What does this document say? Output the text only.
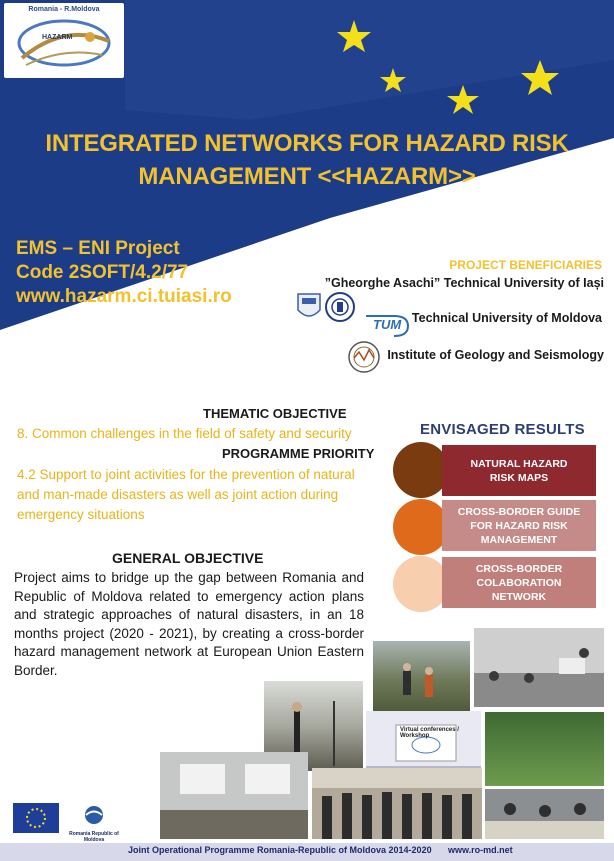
Romania - R.Moldova
HAZARM
INTEGRATED NETWORKS FOR HAZARD RISK
MANAGEMENT <<HAZARM>>
EMS – ENI Project
Code 2SOFT/4.2/77
www.hazarm.ci.tuiasi.ro
PROJECT BENEFICIARIES
”Gheorghe Asachi” Technical University of Iași
Technical University of Moldova
TUM
Institute of Geology and Seismology
THEMATIC OBJECTIVE
8. Common challenges in the field of safety and security
PROGRAMME PRIORITY
4.2 Support to joint activities for the prevention of natural and man-made disasters as well as joint action during emergency situations
GENERAL OBJECTIVE
Project aims to bridge up the gap between Romania and Republic of Moldova related to emergency action plans and strategic approaches of natural disasters, in an 18 months project (2020 - 2021), by creating a cross-border hazard management network at European Union Eastern Border.
ENVISAGED RESULTS
NATURAL HAZARD RISK MAPS
CROSS-BORDER GUIDE FOR HAZARD RISK MANAGEMENT
CROSS-BORDER COLABORATION NETWORK
Virtual conferences / Workshop
Romania Republic of Moldova
Joint Operational Programme Romania-Republic of Moldova 2014-2020 www.ro-md.net
